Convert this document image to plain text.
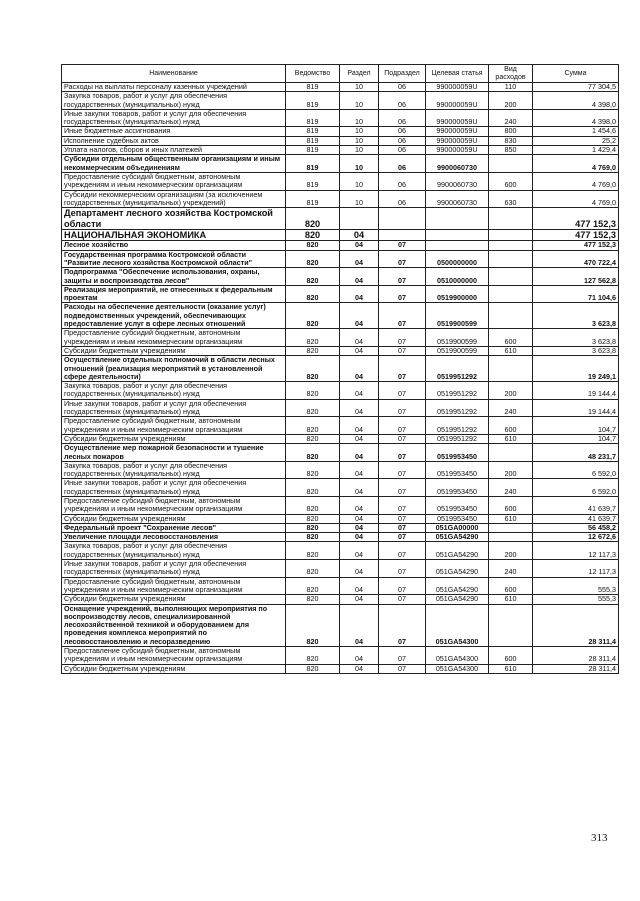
Наименование	Ведомство	Раздел	Подраздел	Целевая статья	Вид расходов	Сумма
Расходы на выплаты персоналу казенных учреждений	819	10	06	990000059U	110	77 304,5
Закупка товаров, работ и услуг для обеспечения государственных (муниципальных) нужд	819	10	06	990000059U	200	4 398,0
Иные закупки товаров, работ и услуг для обеспечения государственных (муниципальных) нужд	819	10	06	990000059U	240	4 398,0
Иные бюджетные ассигнования	819	10	06	990000059U	800	1 454,6
Исполнение судебных актов	819	10	06	990000059U	830	25,2
Уплата налогов, сборов и иных платежей	819	10	06	990000059U	850	1 429,4
Субсидии отдельным общественным организациям и иным некоммерческим объединениям	819	10	06	9900060730		4 769,0
Предоставление субсидий бюджетным, автономным учреждениям и иным некоммерческим организациям	819	10	06	9900060730	600	4 769,0
Субсидии некоммерческим организациям (за исключением государственных (муниципальных) учреждений)	819	10	06	9900060730	630	4 769,0
Департамент лесного хозяйства Костромской области	820					477 152,3
НАЦИОНАЛЬНАЯ ЭКОНОМИКА	820	04				477 152,3
Лесное хозяйство	820	04	07			477 152,3
Государственная программа Костромской области "Развитие лесного хозяйства Костромской области"	820	04	07	0500000000		470 722,4
Подпрограмма "Обеспечение использования, охраны, защиты и воспроизводства лесов"	820	04	07	0510000000		127 562,8
Реализация мероприятий, не отнесенных к федеральным проектам	820	04	07	0519900000		71 104,6
Расходы на обеспечение деятельности (оказание услуг) подведомственных учреждений, обеспечивающих предоставление услуг в сфере лесных отношений	820	04	07	0519900599		3 623,8
Предоставление субсидий бюджетным, автономным учреждениям и иным некоммерческим организациям	820	04	07	0519900599	600	3 623,8
Субсидии бюджетным учреждениям	820	04	07	0519900599	610	3 623,8
Осуществление отдельных полномочий в области лесных отношений (реализация мероприятий в установленной сфере деятельности)	820	04	07	0519951292		19 249,1
Закупка товаров, работ и услуг для обеспечения государственных (муниципальных) нужд	820	04	07	0519951292	200	19 144,4
Иные закупки товаров, работ и услуг для обеспечения государственных (муниципальных) нужд	820	04	07	0519951292	240	19 144,4
Предоставление субсидий бюджетным, автономным учреждениям и иным некоммерческим организациям	820	04	07	0519951292	600	104,7
Субсидии бюджетным учреждениям	820	04	07	0519951292	610	104,7
Осуществление мер пожарной безопасности и тушение лесных пожаров	820	04	07	0519953450		48 231,7
Закупка товаров, работ и услуг для обеспечения государственных (муниципальных) нужд	820	04	07	0519953450	200	6 592,0
Иные закупки товаров, работ и услуг для обеспечения государственных (муниципальных) нужд	820	04	07	0519953450	240	6 592,0
Предоставление субсидий бюджетным, автономным учреждениям и иным некоммерческим организациям	820	04	07	0519953450	600	41 639,7
Субсидии бюджетным учреждениям	820	04	07	0519953450	610	41 639,7
Федеральный проект "Сохранение лесов"	820	04	07	051GA00000		56 458,2
Увеличение площади лесовосстановления	820	04	07	051GA54290		12 672,6
Закупка товаров, работ и услуг для обеспечения государственных (муниципальных) нужд	820	04	07	051GA54290	200	12 117,3
Иные закупки товаров, работ и услуг для обеспечения государственных (муниципальных) нужд	820	04	07	051GA54290	240	12 117,3
Предоставление субсидий бюджетным, автономным учреждениям и иным некоммерческим организациям	820	04	07	051GA54290	600	555,3
Субсидии бюджетным учреждениям	820	04	07	051GA54290	610	555,3
Оснащение учреждений, выполняющих мероприятия по воспроизводству лесов, специализированной лесохозяйственной техникой и оборудованием для проведения комплекса мероприятий по лесовосстановлению и лесоразведению	820	04	07	051GA54300		28 311,4
Предоставление субсидий бюджетным, автономным учреждениям и иным некоммерческим организациям	820	04	07	051GA54300	600	28 311,4
Субсидии бюджетным учреждениям	820	04	07	051GA54300	610	28 311,4
313
